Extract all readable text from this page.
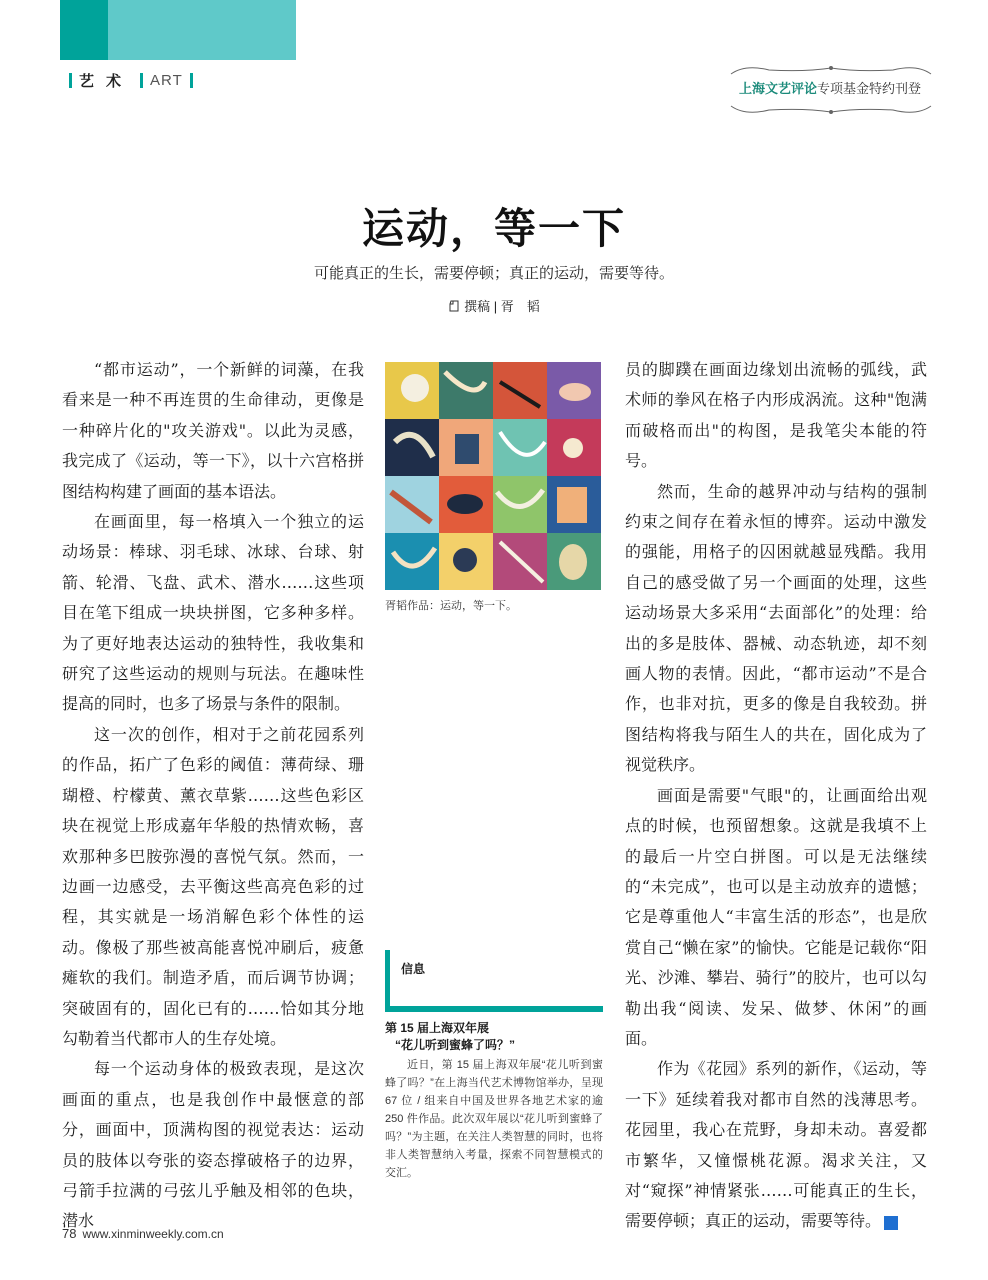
艺术 ART
上海文艺评论专项基金特约刊登
运动，等一下
可能真正的生长，需要停顿；真正的运动，需要等待。
撰稿 | 胥　韬

“都市运动”，一个新鲜的词藻，在我看来是一种不再连贯的生命律动，更像是一种碎片化的"攻关游戏"。以此为灵感，我完成了《运动，等一下》，以十六宫格拼图结构构建了画面的基本语法。

在画面里，每一格填入一个独立的运动场景：棒球、羽毛球、冰球、台球、射箭、轮滑、飞盘、武术、潜水……这些项目在笔下组成一块块拼图，它多种多样。为了更好地表达运动的独特性，我收集和研究了这些运动的规则与玩法。在趣味性提高的同时，也多了场景与条件的限制。

这一次的创作，相对于之前花园系列的作品，拓广了色彩的阈值：薄荷绿、珊瑚橙、柠檬黄、薰衣草紫……这些色彩区块在视觉上形成嘉年华般的热情欢畅，喜欢那种多巴胺弥漫的喜悦气氛。然而，一边画一边感受，去平衡这些高亮色彩的过程，其实就是一场消解色彩个体性的运动。像极了那些被高能喜悦冲刷后，疲惫瘫软的我们。制造矛盾，而后调节协调；突破固有的，固化已有的……恰如其分地勾勒着当代都市人的生存处境。

每一个运动身体的极致表现，是这次画面的重点，也是我创作中最惬意的部分，画面中，顶满构图的视觉表达：运动员的肢体以夸张的姿态撑破格子的边界，弓箭手拉满的弓弦儿乎触及相邻的色块，潜水

胥韬作品：运动，等一下。
信息
第 15 届上海双年展
“花儿听到蜜蜂了吗？”

近日，第 15 届上海双年展“花儿听到蜜蜂了吗？”在上海当代艺术博物馆举办，呈现 67 位 / 组来自中国及世界各地艺术家的逾 250 件作品。此次双年展以“花儿听到蜜蜂了吗？”为主题，在关注人类智慧的同时，也将非人类智慧纳入考量，探索不同智慧模式的交汇。

员的脚蹼在画面边缘划出流畅的弧线，武术师的拳风在格子内形成涡流。这种"饱满而破格而出"的构图，是我笔尖本能的符号。

然而，生命的越界冲动与结构的强制约束之间存在着永恒的博弈。运动中激发的强能，用格子的囚困就越显残酷。我用自己的感受做了另一个画面的处理，这些运动场景大多采用“去面部化”的处理：给出的多是肢体、器械、动态轨迹，却不刻画人物的表情。因此，“都市运动”不是合作，也非对抗，更多的像是自我较劲。拼图结构将我与陌生人的共在，固化成为了视觉秩序。

画面是需要"气眼"的，让画面给出观点的时候，也预留想象。这就是我填不上的最后一片空白拼图。可以是无法继续的“未完成”，也可以是主动放弃的遗憾；它是尊重他人“丰富生活的形态”，也是欣赏自己“懒在家”的愉快。它能是记载你“阳光、沙滩、攀岩、骑行”的胶片，也可以勾勒出我“阅读、发呆、做梦、休闲”的画面。

作为《花园》系列的新作，《运动，等一下》延续着我对都市自然的浅薄思考。花园里，我心在荒野，身却未动。喜爱都市繁华，又憧憬桃花源。渴求关注，又对“窥探”神情紧张……可能真正的生长，需要停顿；真正的运动，需要等待。	民

78 www.xinminweekly.com.cn
